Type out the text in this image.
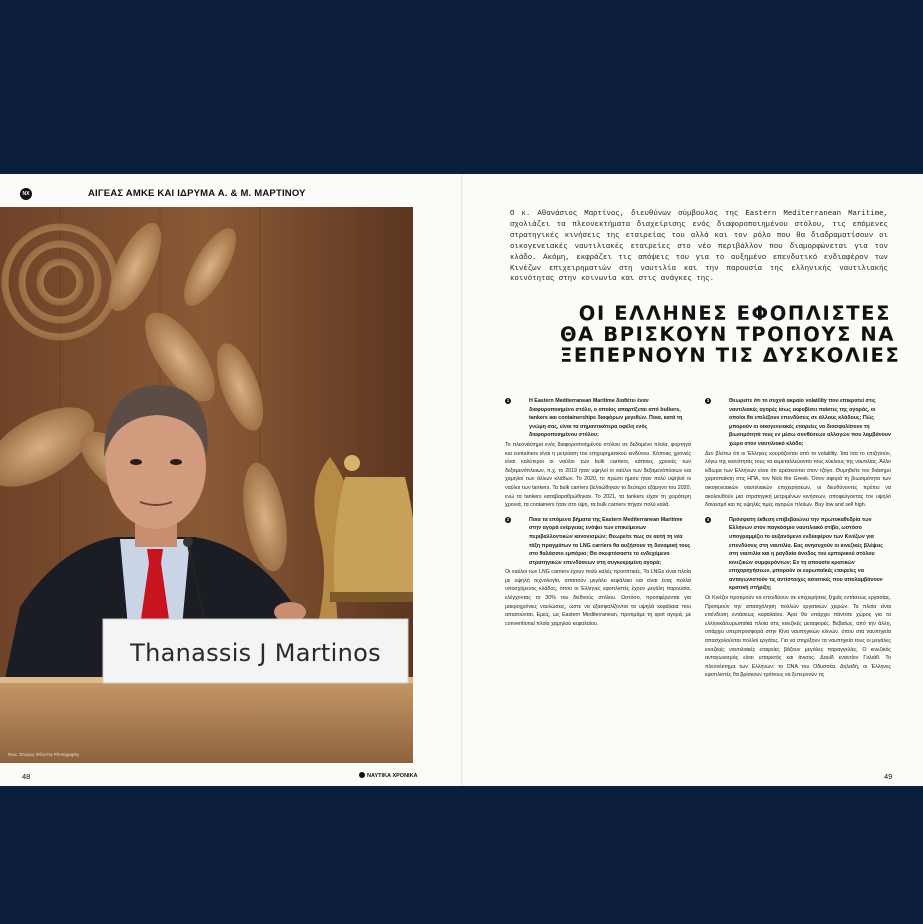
NX	ΑΙΓΕΑΣ ΑΜΚΕ ΚΑΙ ΙΔΡΥΜΑ Α. & Μ. ΜΑΡΤΙΝΟΥ
Thanassis J Martinos
Φωτ. Σπύρος Φίλιππα Photography
48	ΝΑΥΤΙΚΑ ΧΡΟΝΙΚΑ
Ο κ. Αθανάσιος Μαρτίνος, διευθύνων σύμβουλος της Eastern Mediterranean Maritime, σχολιάζει τα πλεονεκτήματα διαχείρισης ενός διαφοροποιημένου στόλου, τις επόμενες στρατηγικές κινήσεις της εταιρείας του αλλά και τον ρόλο που θα διαδραματίσουν οι οικογενειακές ναυτιλιακές εταιρείες στο νέο περιβάλλον που διαμορφώνεται για τον κλάδο. Ακόμη, εκφράζει τις απόψεις του για το αυξημένο επενδυτικό ενδιαφέρον των Κινέζων επιχειρηματιών στη ναυτιλία και την παρουσία της ελληνικής ναυτιλιακής κοινότητας στην κοινωνία και στις ανάγκες της.
ΟΙ ΕΛΛΗΝΕΣ ΕΦΟΠΛΙΣΤΕΣ
ΘΑ ΒΡΙΣΚΟΥΝ ΤΡΟΠΟΥΣ ΝΑ
ΞΕΠΕΡΝΟΥΝ ΤΙΣ ΔΥΣΚΟΛΙΕΣ
1	Η Eastern Mediterranean Maritime διαθέτει έναν διαφοροποιημένο στόλο, ο οποίος απαρτίζεται από bulkers, tankers και containerships διαφόρων μεγεθών. Ποια, κατά τη γνώμη σας, είναι τα σημαντικότερα οφέλη ενός διαφοροποιημένου στόλου;
Το πλεονέκτημα ενός διαφοροποιημένου στόλου σε δεδομένο πλοία, φορτηγά και containers είναι η μετρίαση του επιχειρηματικού κινδύνου. Κάποιες χρονιές είναι καλύτεροι οι ναύλοι των bulk carriers, κάποιες χρονιές των δεξαμενόπλοιων, π.χ. το 2019 ήταν υψηλοί οι ναύλοι των δεξαμενόπλοιων και χαμηλοί των άλλων κλάδων. Το 2020, το πρώτο ήμισυ ήταν πολύ υψηλοί οι ναύλοι των tankers. Τα bulk carriers βελτιώθηκαν το δεύτερο εξάμηνο του 2020, ενώ τα tankers καταβαραθρώθηκαν. Το 2021, τα tankers είχαν τη χειρότερη χρονιά, τα containers ήταν στο ύψη, τα bulk carriers πήγαν πολύ καλά.
2	Ποια τα επόμενα βήματα της Eastern Mediterranean Maritime στην αγορά ενέργειας ενόψει των επικείμενων περιβαλλοντικών κανονισμών; Θεωρείτε πως σε αυτή τη νέα τάξη πραγμάτων τα LNG carriers θα αυξήσουν τη δυναμική τους στο θαλάσσιο εμπόριο; Θα σκεφτόσαστε το ενδεχόμενο στρατηγικών επενδύσεων στη συγκεκριμένη αγορά;
Οι ναύλοι των LNG carriers έχουν πολύ καλές προοπτικές. Τα LNGs είναι πλοία με υψηλή τεχνολογία, απαιτούν μεγάλο κεφάλαιο και είναι ένας πολλά υποσχόμενος κλάδος, όπου οι Έλληνες εφοπλιστές έχουν μεγάλη παρουσία, ελέγχοντας το 30% του διεθνούς στόλου. Ωστόσο, προσφέρονται για μακροχρόνιες ναυλώσεις, ώστε να εξασφαλίζονται τα υψηλά κεφάλαια που απαιτούνται. Εμείς, ως Eastern Mediterranean, προτιμάμε τη spot αγορά, με conventional πλοία χαμηλού κεφαλαίου.
3	Θεωρείτε ότι το συχνά ακραίο volatility που επικρατεί στις ναυτιλιακές αγορές ίσως εκφοβίσει παίκτες της αγοράς, οι οποίοι θα επιλέξουν επενδύσεις σε άλλους κλάδους; Πώς μπορούν οι οικογενειακές εταιρείες να διασφαλίσουν τη βιωσιμότητά τους εν μέσω συνθέσεων αλλαγών που λαμβάνουν χώρα στον ναυτιλιακό κλάδο;
Δεν βλέπω ότι οι Έλληνες κουράζονται από το volatility. Ίσα ίσα το επιζητούν, λόγω της ικανότητάς τους να εκμεταλλεύονται τους κύκλους της ναυτιλίας. Άλλο είδωμα των Ελλήνων είναι ότι αρέσκονται στον τζόγο. Θυμηθείτε τον διάσημο χαρτοπαίκτη στις ΗΠΑ, τον Nick the Greek. Όσον αφορά τη βιωσιμότητα των οικογενειακών ναυτιλιακών επιχειρήσεων, οι διευθύνοντες πρέπει να ακολουθούν μια στρατηγική μετριμένων κινήσεων, αποφεύγοντας τον υψηλό δανεισμό και τις υψηλές τιμές αγορών πλοίων. Buy low and sell high.
4	Πρόσφατη έκθεση επιβεβαιώνει την πρωτοκαθεδρία των Ελλήνων στον παγκόσμιο ναυτιλιακό στίβο, ωστόσο υπογραμμίζει το αυξανόμενο ενδιαφέρον των Κινέζων για επενδύσεις στη ναυτιλία. Εας ανησυχούν οι κινεζικές βλέψεις στη ναυτιλία και η ραγδαία άνοδος του εμπορικού στόλου κινεζικών συμφερόντων; Εν τη απουσία κρατικών επιχορηγήσεων, μπορούν οι ευρωπαϊκές εταιρείες να ανταγωνιστούν τις αντίστοιχες ασιατικές που απολαμβάνουν κρατική στήριξη;
Οι Κινέζοι προτιμούν να επενδύουν σε επιχειρήσεις ξηράς εντάσεως εργασίας. Προτιμούν την απασχόληση πολλών εργατικών χειρών. Τα πλοία είναι επένδυση εντάσεως κεφαλαίου. Άρα θα υπάρχει πάντοτε χώρος για τα ελληνικά/ευρωπαϊκά πλοία στις κινεζικές μεταφορές. Βεβαίως, από την άλλη, υπάρχει υπερπροσφορά στην Κίνα ναυπηγικών κλινών, όπου στα ναυπηγεία απασχολούνται πολλοί εργάτες. Για να στηρίξουν τα ναυπηγεία τους οι μεγάλες κινεζικές ναυτιλιακές εταιρείες βάζουν μεγάλες παραγγελίες. Ο κινεζικός ανταγωνισμός είναι υπαρκτός και άνισος. Δαυίδ εναντίον Γολιάθ. Το πλεονέκτημα των Ελλήνων: το DNA του Οδυσσέα. Δηλαδή, οι Έλληνες εφοπλιστές θα βρίσκουν τρόπους να ξεπερνούν τις
49
